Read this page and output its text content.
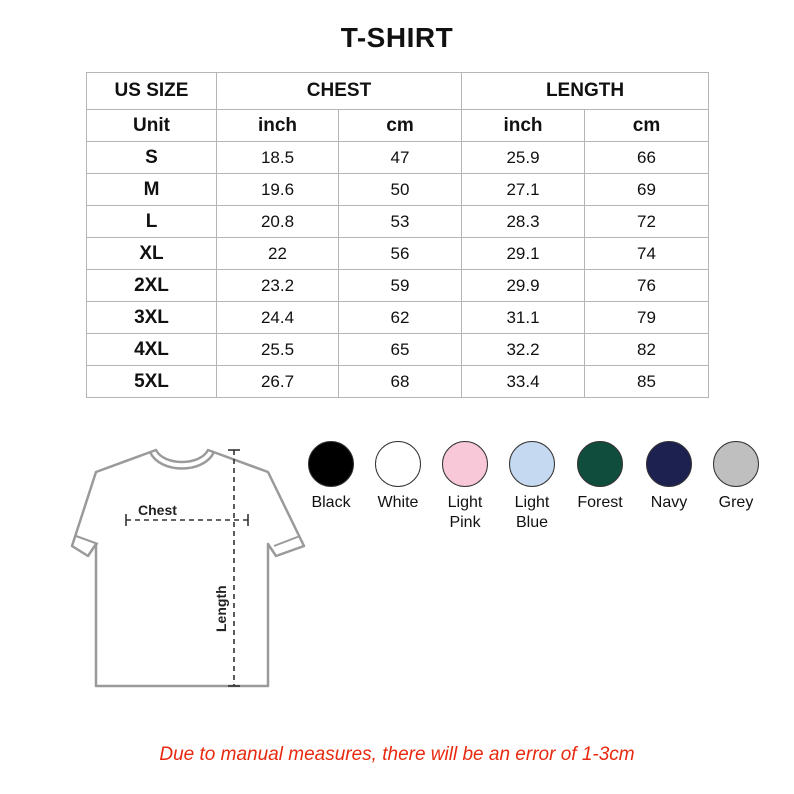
T-SHIRT
US SIZE	CHEST		LENGTH	
Unit	inch	cm	inch	cm
S	18.5	47	25.9	66
M	19.6	50	27.1	69
L	20.8	53	28.3	72
XL	22	56	29.1	74
2XL	23.2	59	29.9	76
3XL	24.4	62	31.1	79
4XL	25.5	65	32.2	82
5XL	26.7	68	33.4	85
Chest
Length
Black	White	Light
Pink
Light
Blue
Forest	Navy	Grey
Due to manual measures, there will be an error of 1-3cm
